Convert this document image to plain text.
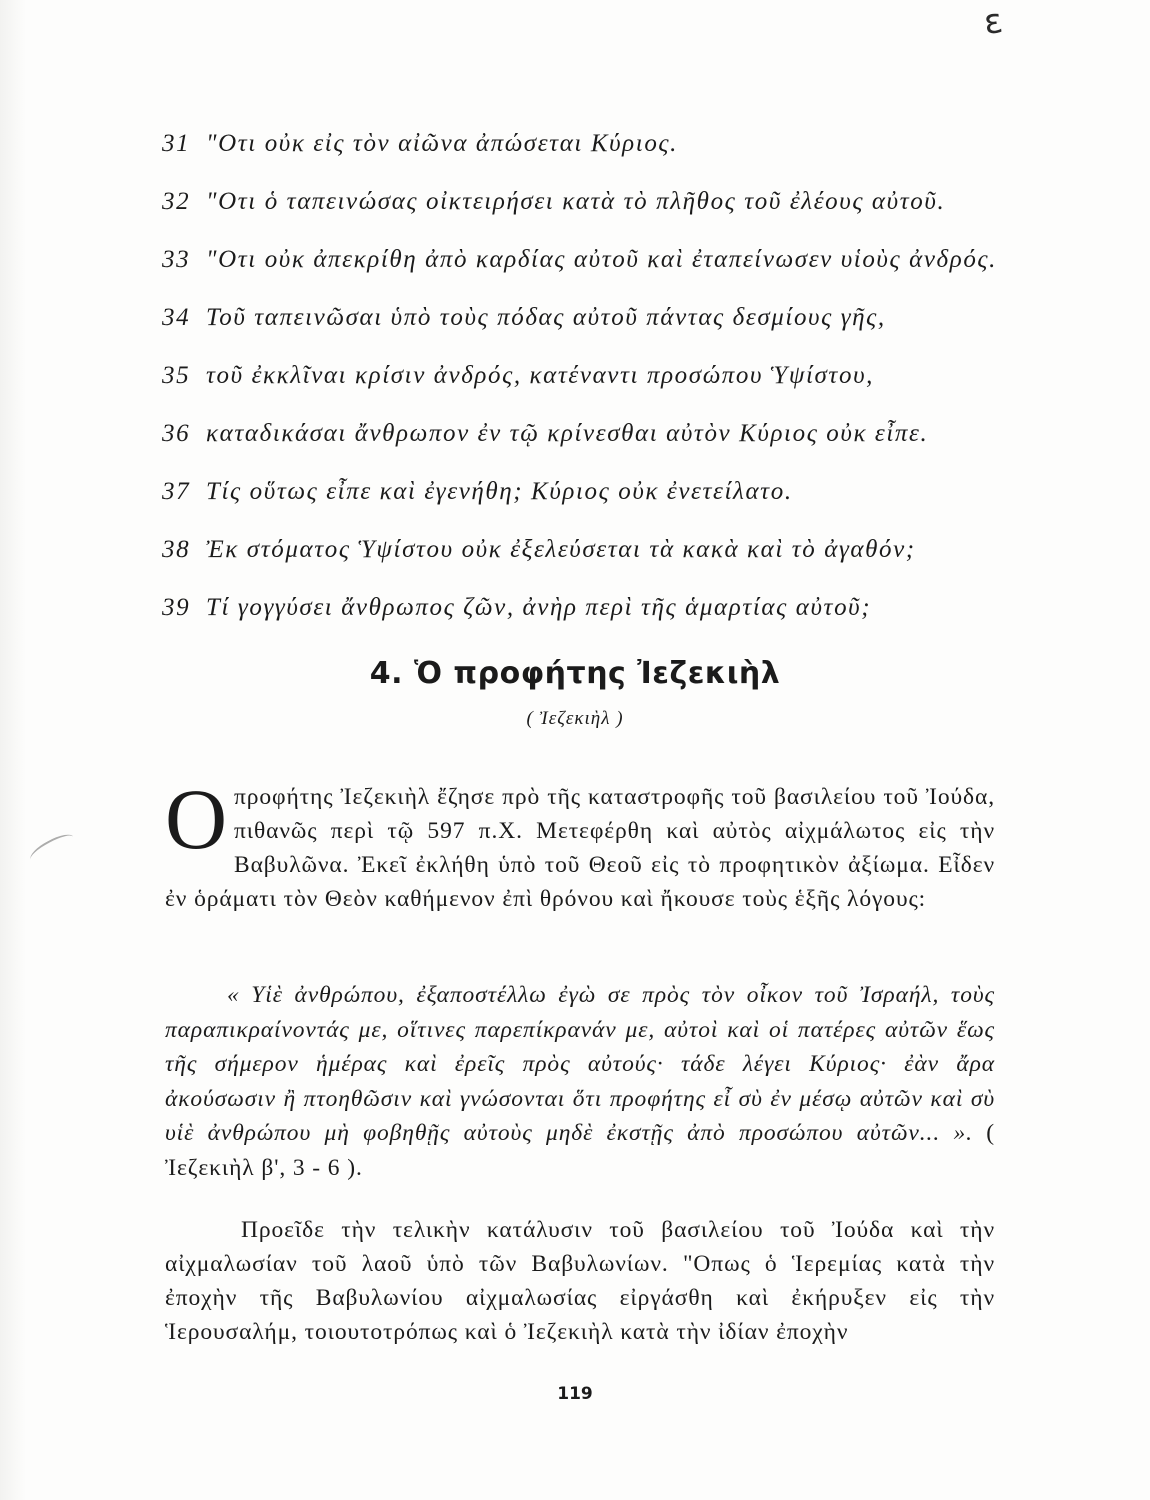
ε
31 "Οτι οὐκ εἰς τὸν αἰῶνα ἀπώσεται Κύριος.
32 "Οτι ὁ ταπεινώσας οἰκτειρήσει κατὰ τὸ πλῆθος τοῦ ἐλέους αὐτοῦ.
33 "Οτι οὐκ ἀπεκρίθη ἀπὸ καρδίας αὐτοῦ καὶ ἐταπείνωσεν υἱοὺς ἀνδρός.
34 Τοῦ ταπεινῶσαι ὑπὸ τοὺς πόδας αὐτοῦ πάντας δεσμίους γῆς,
35 τοῦ ἐκκλῖναι κρίσιν ἀνδρός, κατέναντι προσώπου Ὑψίστου,
36 καταδικάσαι ἄνθρωπον ἐν τῷ κρίνεσθαι αὐτὸν Κύριος οὐκ εἶπε.
37 Τίς οὕτως εἶπε καὶ ἐγενήθη; Κύριος οὐκ ἐνετείλατο.
38 Ἐκ στόματος Ὑψίστου οὐκ ἐξελεύσεται τὰ κακὰ καὶ τὸ ἀγαθόν;
39 Τί γογγύσει ἄνθρωπος ζῶν, ἀνὴρ περὶ τῆς ἁμαρτίας αὐτοῦ;
4. Ὁ προφήτης Ἰεζεκιὴλ
( Ἰεζεκιὴλ )
Οπροφήτης Ἰεζεκιὴλ ἔζησε πρὸ τῆς καταστροφῆς τοῦ βασιλείου τοῦ Ἰούδα, πιθανῶς περὶ τῷ 597 π.Χ. Μετεφέρθη καὶ αὐτὸς αἰχμάλωτος εἰς τὴν Βαβυλῶνα. Ἐκεῖ ἐκλήθη ὑπὸ τοῦ Θεοῦ εἰς τὸ προφητικὸν ἀξίωμα. Εἶδεν ἐν ὁράματι τὸν Θεὸν καθήμενον ἐπὶ θρόνου καὶ ἤκουσε τοὺς ἑξῆς λόγους:
« Υἱὲ ἀνθρώπου, ἐξαποστέλλω ἐγὼ σε πρὸς τὸν οἶκον τοῦ Ἰσραήλ, τοὺς παραπικραίνοντάς με, οἵτινες παρεπίκρανάν με, αὐτοὶ καὶ οἱ πατέρες αὐτῶν ἕως τῆς σήμερον ἡμέρας καὶ ἐρεῖς πρὸς αὐτούς· τάδε λέγει Κύριος· ἐὰν ἄρα ἀκούσωσιν ἢ πτοηθῶσιν καὶ γνώσονται ὅτι προφήτης εἶ σὺ ἐν μέσῳ αὐτῶν καὶ σὺ υἱὲ ἀνθρώπου μὴ φοβηθῇς αὐτοὺς μηδὲ ἐκστῇς ἀπὸ προσώπου αὐτῶν... ». ( Ἰεζεκιὴλ β', 3 - 6 ).
Προεῖδε τὴν τελικὴν κατάλυσιν τοῦ βασιλείου τοῦ Ἰούδα καὶ τὴν αἰχμαλωσίαν τοῦ λαοῦ ὑπὸ τῶν Βαβυλωνίων. "Οπως ὁ Ἱερεμίας κατὰ τὴν ἐποχὴν τῆς Βαβυλωνίου αἰχμαλωσίας εἰργάσθη καὶ ἐκήρυξεν εἰς τὴν Ἱερουσαλήμ, τοιουτοτρόπως καὶ ὁ Ἰεζεκιὴλ κατὰ τὴν ἰδίαν ἐποχὴν
119
